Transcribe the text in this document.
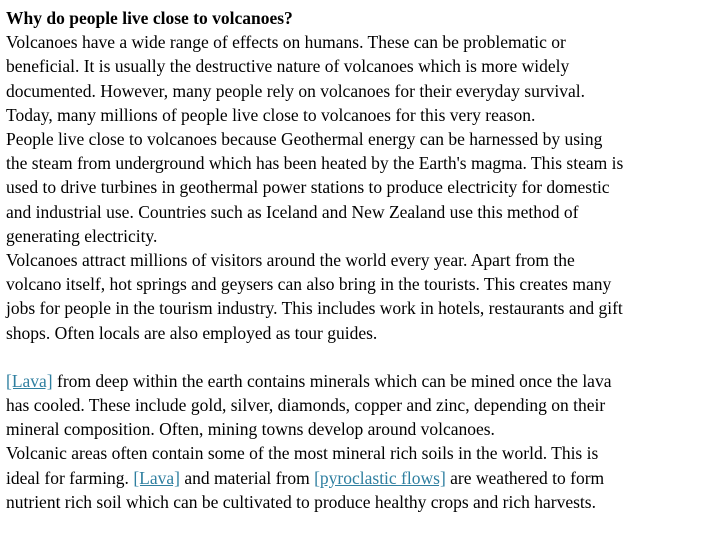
Why do people live close to volcanoes?
Volcanoes have a wide range of effects on humans. These can be problematic or
beneficial. It is usually the destructive nature of volcanoes which is more widely
documented. However, many people rely on volcanoes for their everyday survival.
Today, many millions of people live close to volcanoes for this very reason.
People live close to volcanoes because Geothermal energy can be harnessed by using
the steam from underground which has been heated by the Earth's magma. This steam is
used to drive turbines in geothermal power stations to produce electricity for domestic
and industrial use. Countries such as Iceland and New Zealand use this method of
generating electricity.
Volcanoes attract millions of visitors around the world every year. Apart from the
volcano itself, hot springs and geysers can also bring in the tourists. This creates many
jobs for people in the tourism industry. This includes work in hotels, restaurants and gift
shops. Often locals are also employed as tour guides.
[Lava] from deep within the earth contains minerals which can be mined once the lava
has cooled. These include gold, silver, diamonds, copper and zinc, depending on their
mineral composition. Often, mining towns develop around volcanoes.
Volcanic areas often contain some of the most mineral rich soils in the world. This is
ideal for farming. [Lava] and material from [pyroclastic flows] are weathered to form
nutrient rich soil which can be cultivated to produce healthy crops and rich harvests.
